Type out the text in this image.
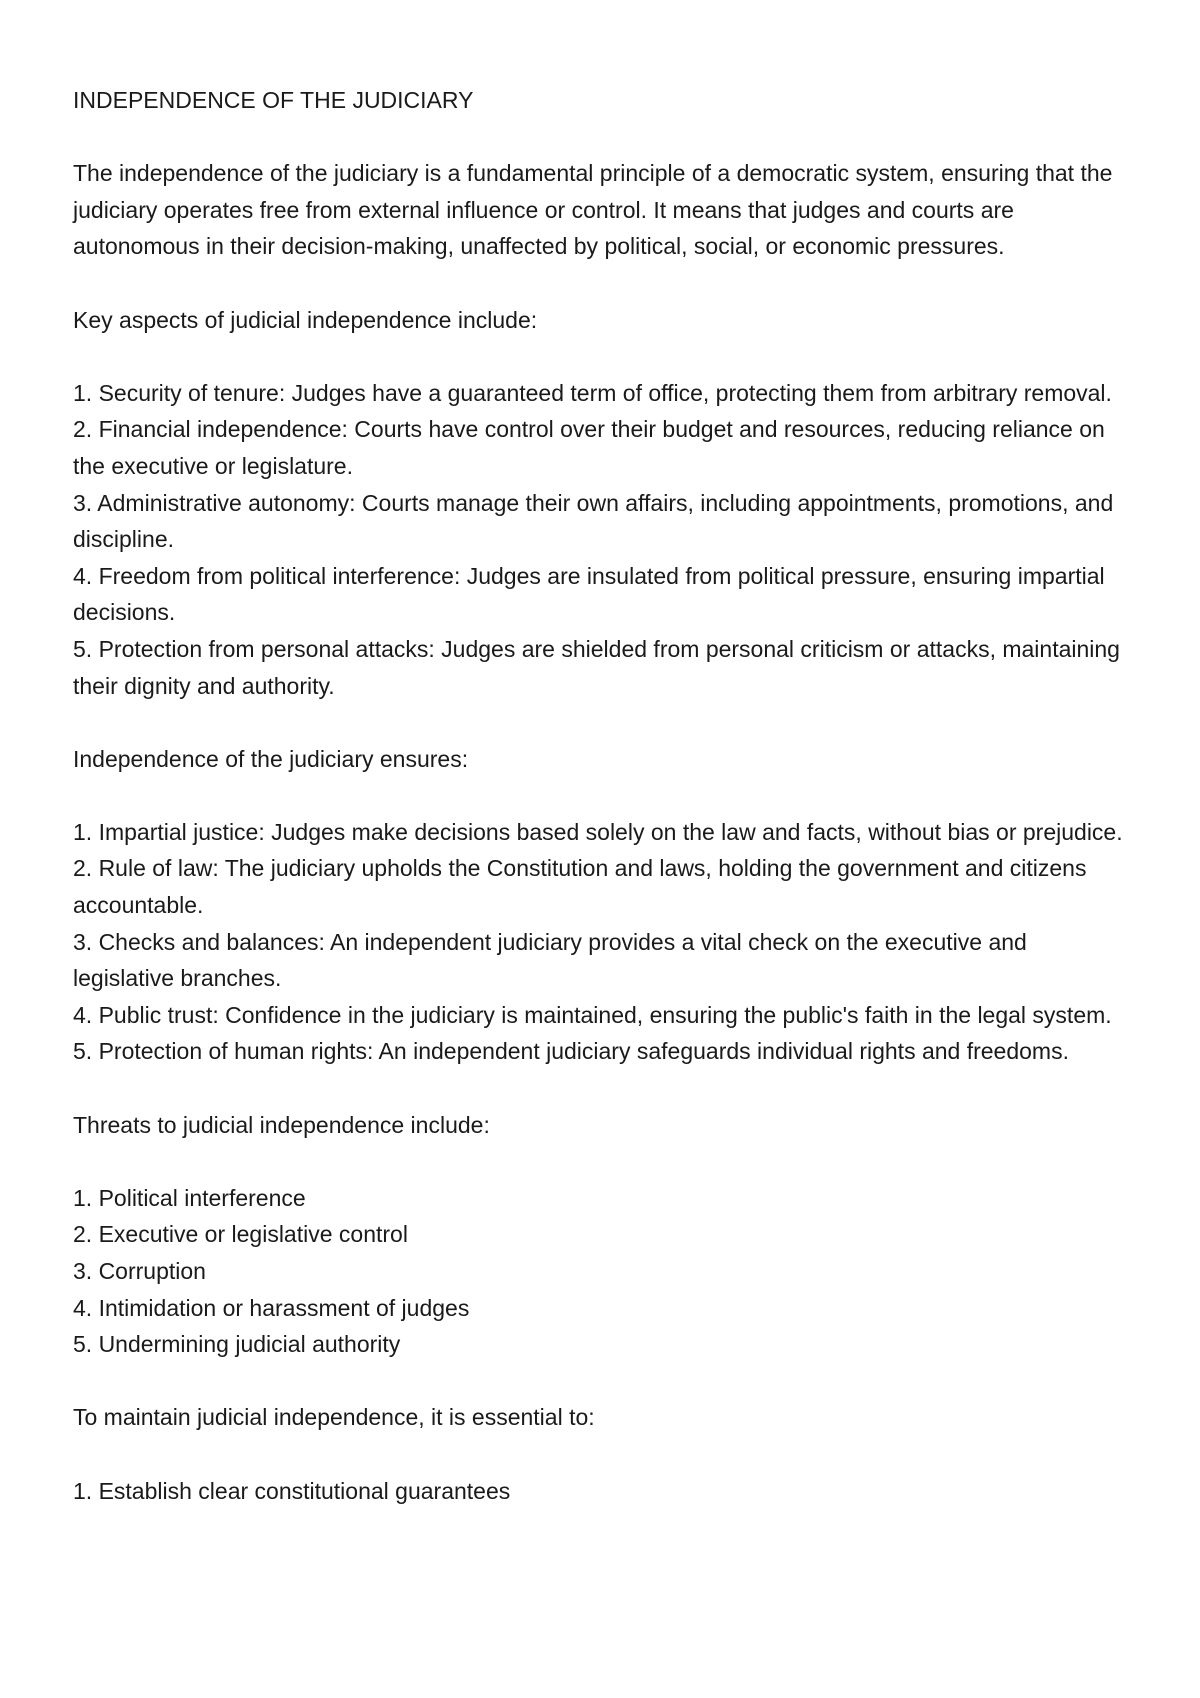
INDEPENDENCE OF THE JUDICIARY

The independence of the judiciary is a fundamental principle of a democratic system, ensuring that the judiciary operates free from external influence or control. It means that judges and courts are autonomous in their decision-making, unaffected by political, social, or economic pressures.

Key aspects of judicial independence include:

1. Security of tenure: Judges have a guaranteed term of office, protecting them from arbitrary removal.

2. Financial independence: Courts have control over their budget and resources, reducing reliance on the executive or legislature.

3. Administrative autonomy: Courts manage their own affairs, including appointments, promotions, and discipline.

4. Freedom from political interference: Judges are insulated from political pressure, ensuring impartial decisions.

5. Protection from personal attacks: Judges are shielded from personal criticism or attacks, maintaining their dignity and authority.

Independence of the judiciary ensures:

1. Impartial justice: Judges make decisions based solely on the law and facts, without bias or prejudice.

2. Rule of law: The judiciary upholds the Constitution and laws, holding the government and citizens accountable.

3. Checks and balances: An independent judiciary provides a vital check on the executive and legislative branches.

4. Public trust: Confidence in the judiciary is maintained, ensuring the public's faith in the legal system.

5. Protection of human rights: An independent judiciary safeguards individual rights and freedoms.

Threats to judicial independence include:

1. Political interference

2. Executive or legislative control

3. Corruption

4. Intimidation or harassment of judges

5. Undermining judicial authority

To maintain judicial independence, it is essential to:

1. Establish clear constitutional guarantees
